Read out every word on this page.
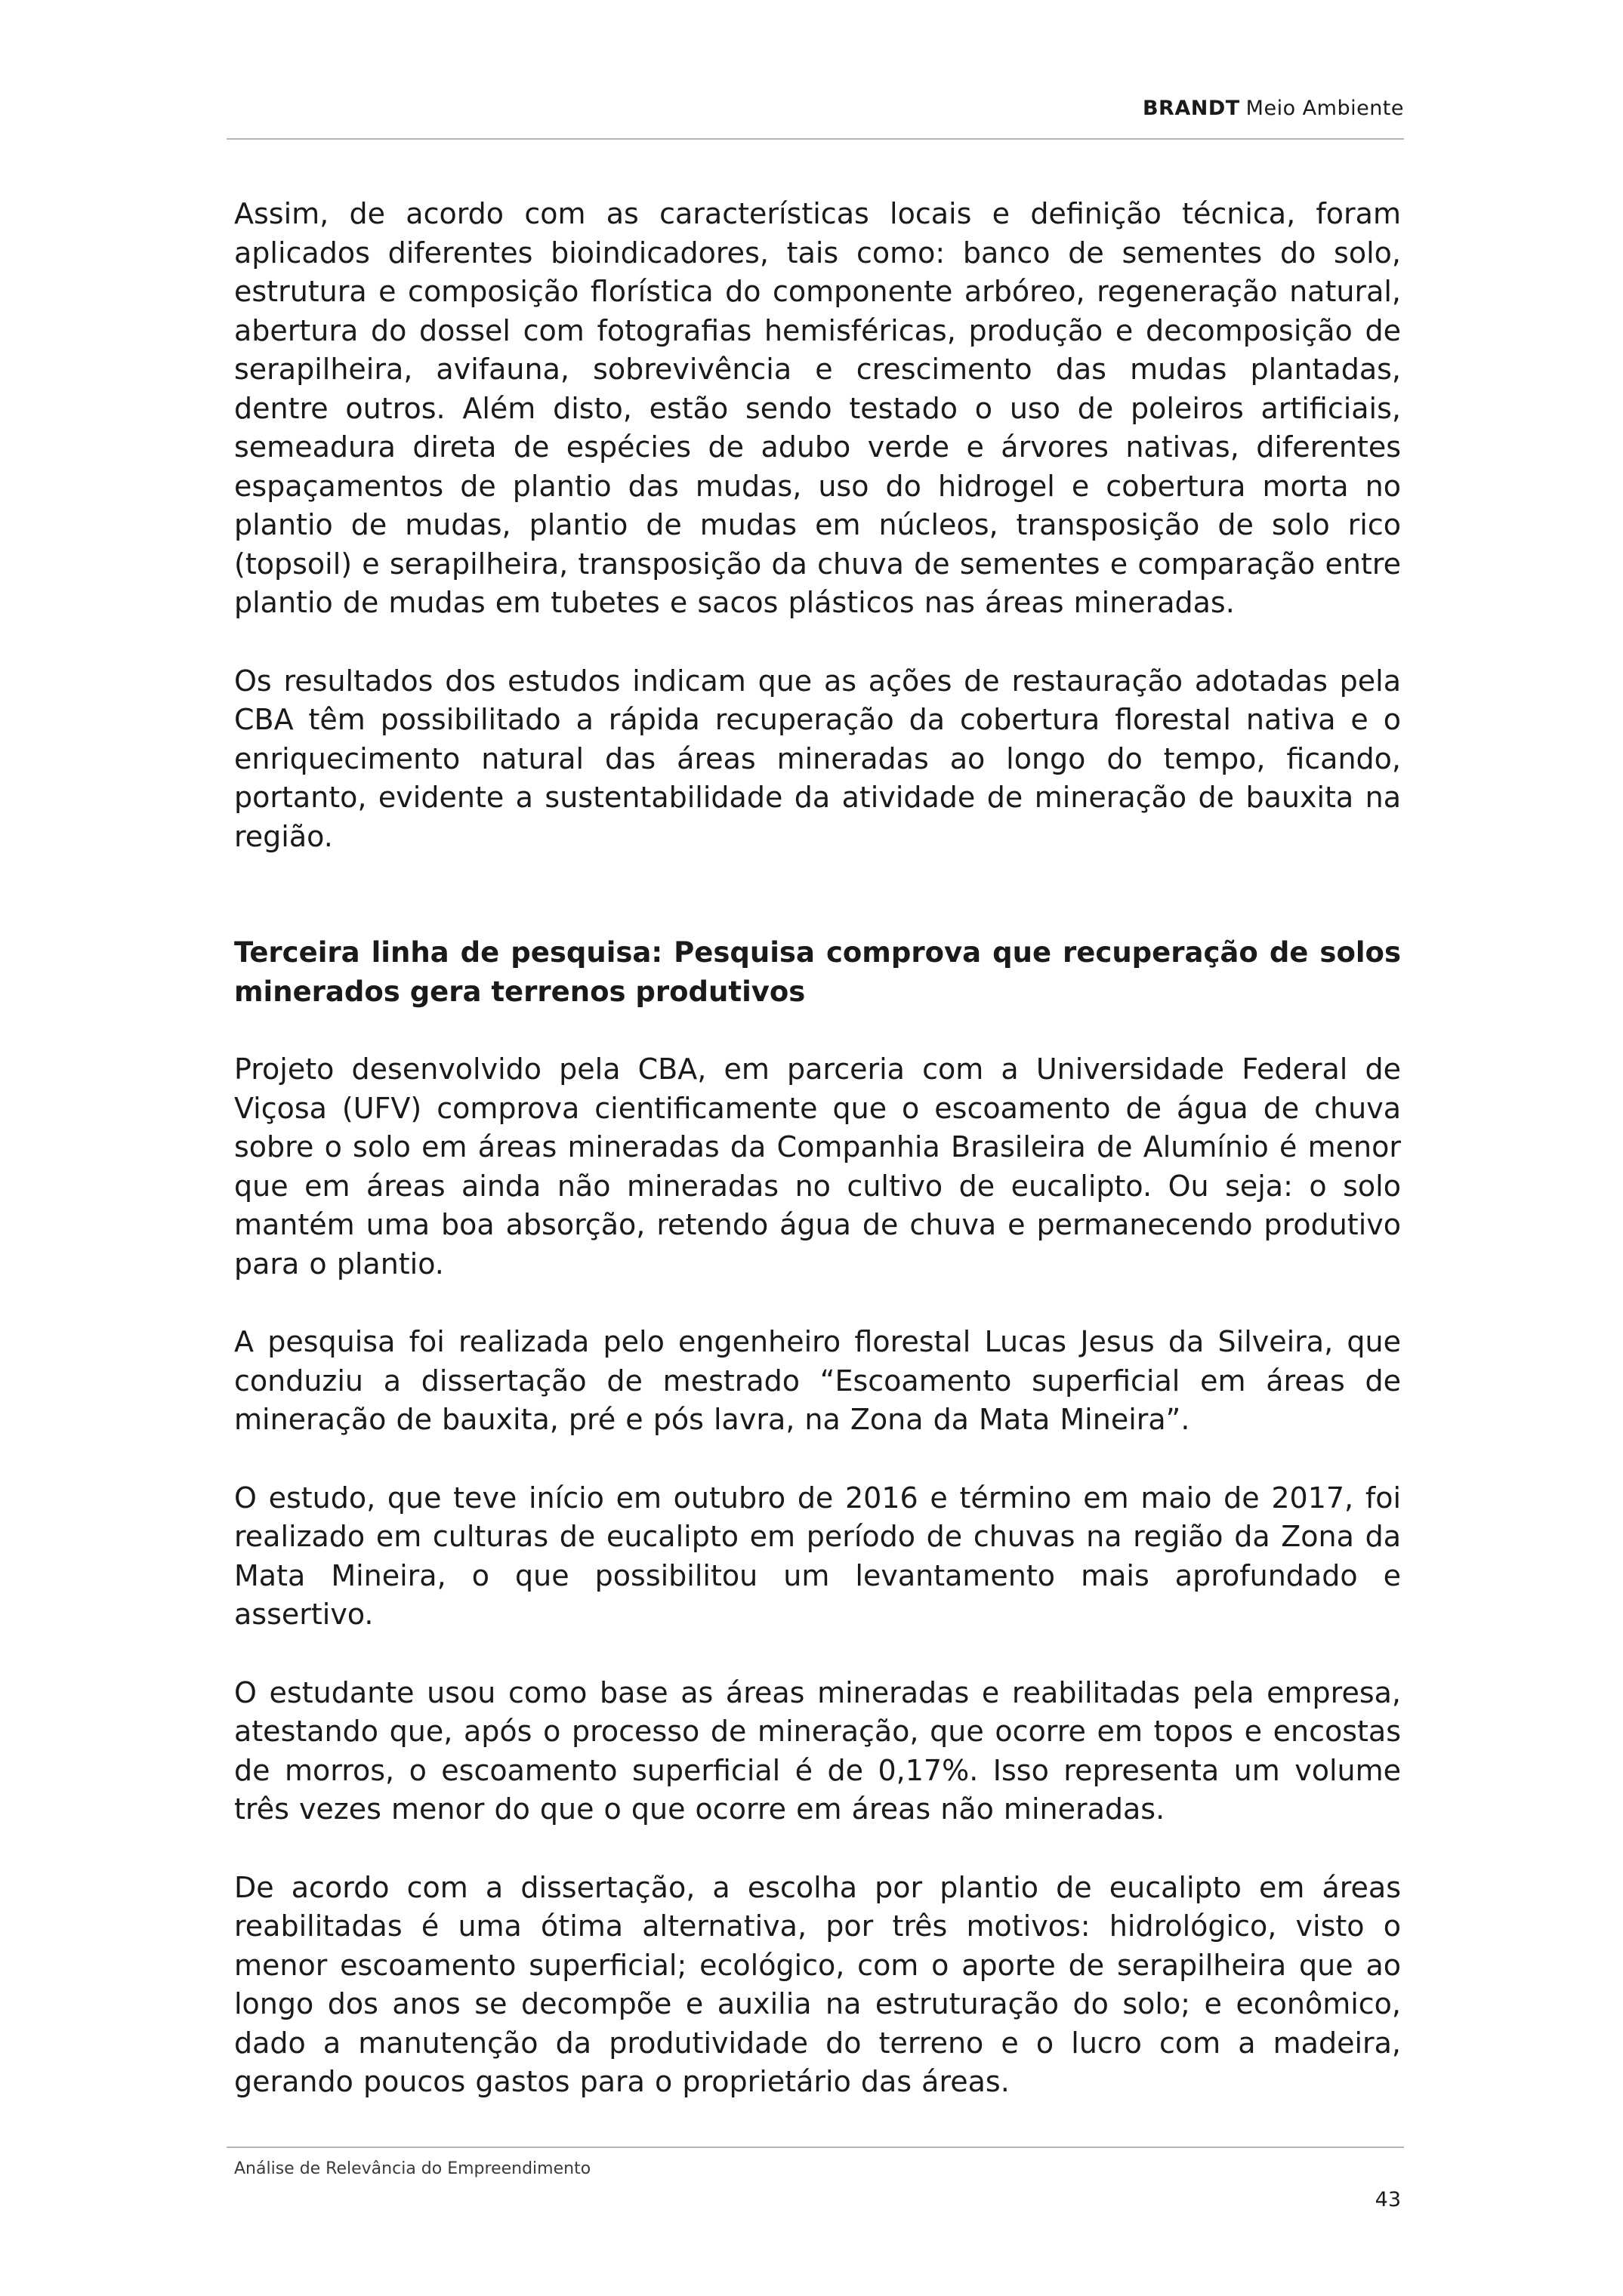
BRANDT Meio Ambiente

Assim, de acordo com as características locais e definição técnica, foram aplicados diferentes bioindicadores, tais como: banco de sementes do solo, estrutura e composição florística do componente arbóreo, regeneração natural, abertura do dossel com fotografias hemisféricas, produção e decomposição de serapilheira, avifauna, sobrevivência e crescimento das mudas plantadas, dentre outros. Além disto, estão sendo testado o uso de poleiros artificiais, semeadura direta de espécies de adubo verde e árvores nativas, diferentes espaçamentos de plantio das mudas, uso do hidrogel e cobertura morta no plantio de mudas, plantio de mudas em núcleos, transposição de solo rico (topsoil) e serapilheira, transposição da chuva de sementes e comparação entre plantio de mudas em tubetes e sacos plásticos nas áreas mineradas.

Os resultados dos estudos indicam que as ações de restauração adotadas pela CBA têm possibilitado a rápida recuperação da cobertura florestal nativa e o enriquecimento natural das áreas mineradas ao longo do tempo, ficando, portanto, evidente a sustentabilidade da atividade de mineração de bauxita na região.

Terceira linha de pesquisa: Pesquisa comprova que recuperação de solos minerados gera terrenos produtivos

Projeto desenvolvido pela CBA, em parceria com a Universidade Federal de Viçosa (UFV) comprova cientificamente que o escoamento de água de chuva sobre o solo em áreas mineradas da Companhia Brasileira de Alumínio é menor que em áreas ainda não mineradas no cultivo de eucalipto. Ou seja: o solo mantém uma boa absorção, retendo água de chuva e permanecendo produtivo para o plantio.

A pesquisa foi realizada pelo engenheiro florestal Lucas Jesus da Silveira, que conduziu a dissertação de mestrado “Escoamento superficial em áreas de mineração de bauxita, pré e pós lavra, na Zona da Mata Mineira”.

O estudo, que teve início em outubro de 2016 e término em maio de 2017, foi realizado em culturas de eucalipto em período de chuvas na região da Zona da Mata Mineira, o que possibilitou um levantamento mais aprofundado e assertivo.

O estudante usou como base as áreas mineradas e reabilitadas pela empresa, atestando que, após o processo de mineração, que ocorre em topos e encostas de morros, o escoamento superficial é de 0,17%. Isso representa um volume três vezes menor do que o que ocorre em áreas não mineradas.

De acordo com a dissertação, a escolha por plantio de eucalipto em áreas reabilitadas é uma ótima alternativa, por três motivos: hidrológico, visto o menor escoamento superficial; ecológico, com o aporte de serapilheira que ao longo dos anos se decompõe e auxilia na estruturação do solo; e econômico, dado a manutenção da produtividade do terreno e o lucro com a madeira, gerando poucos gastos para o proprietário das áreas.

Análise de Relevância do Empreendimento
43
